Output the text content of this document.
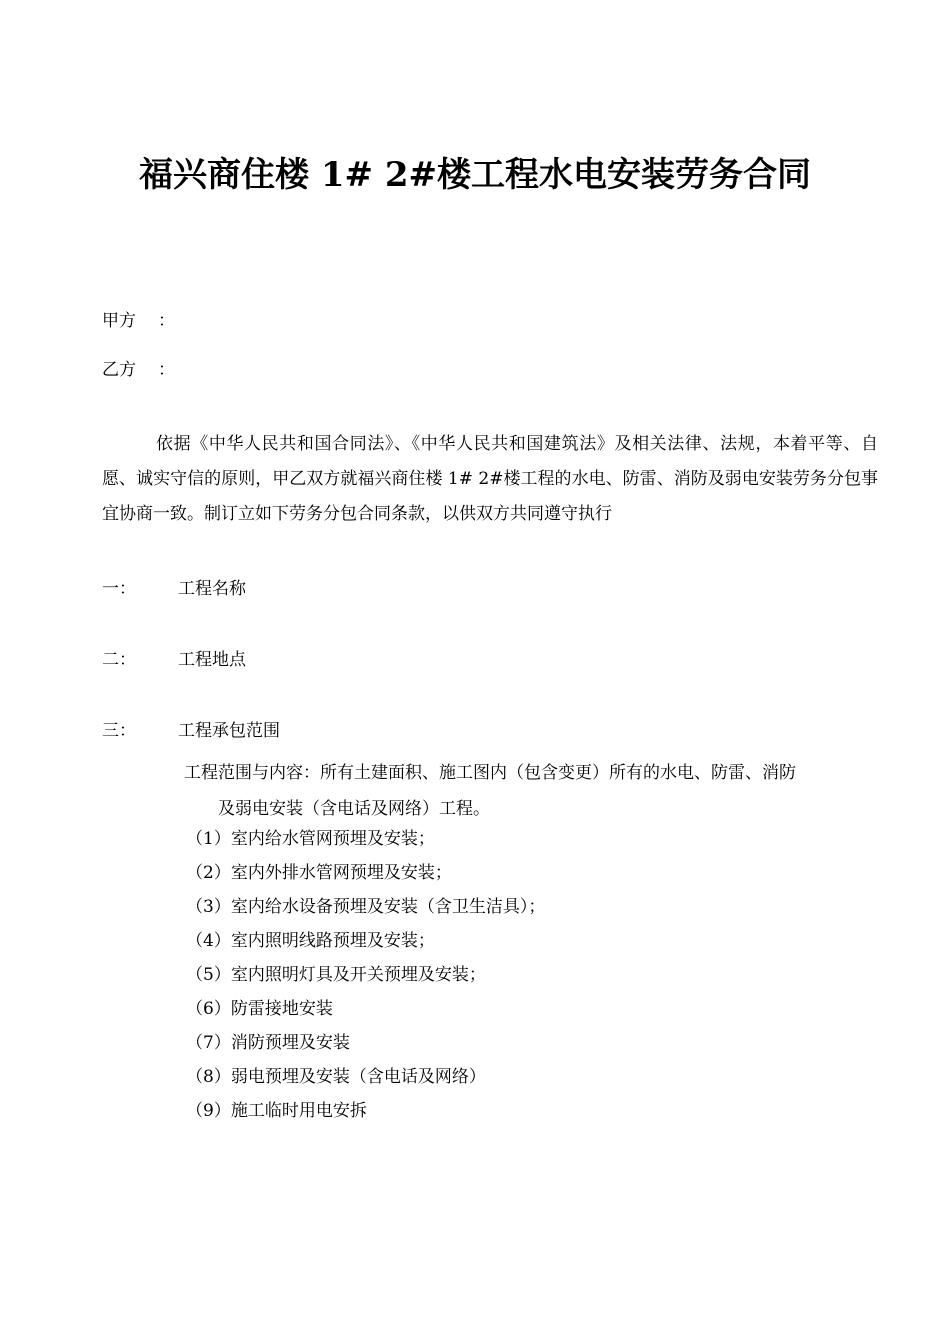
福兴商住楼 1# 2#楼工程水电安装劳务合同
甲方 ：
乙方 ：

依据《中华人民共和国合同法》、《中华人民共和国建筑法》及相关法律、法规，本着平等、自愿、诚实守信的原则，甲乙双方就福兴商住楼 1# 2#楼工程的水电、防雷、消防及弱电安装劳务分包事宜协商一致。制订立如下劳务分包合同条款，以供双方共同遵守执行

一： 工程名称
二： 工程地点
三： 工程承包范围
工程范围与内容：所有土建面积、施工图内（包含变更）所有的水电、防雷、消防
及弱电安装（含电话及网络）工程。
（1）室内给水管网预埋及安装；
（2）室内外排水管网预埋及安装；
（3）室内给水设备预埋及安装（含卫生洁具）；
（4）室内照明线路预埋及安装；
（5）室内照明灯具及开关预埋及安装；
（6）防雷接地安装
（7）消防预埋及安装
（8）弱电预埋及安装（含电话及网络）
（9）施工临时用电安拆
